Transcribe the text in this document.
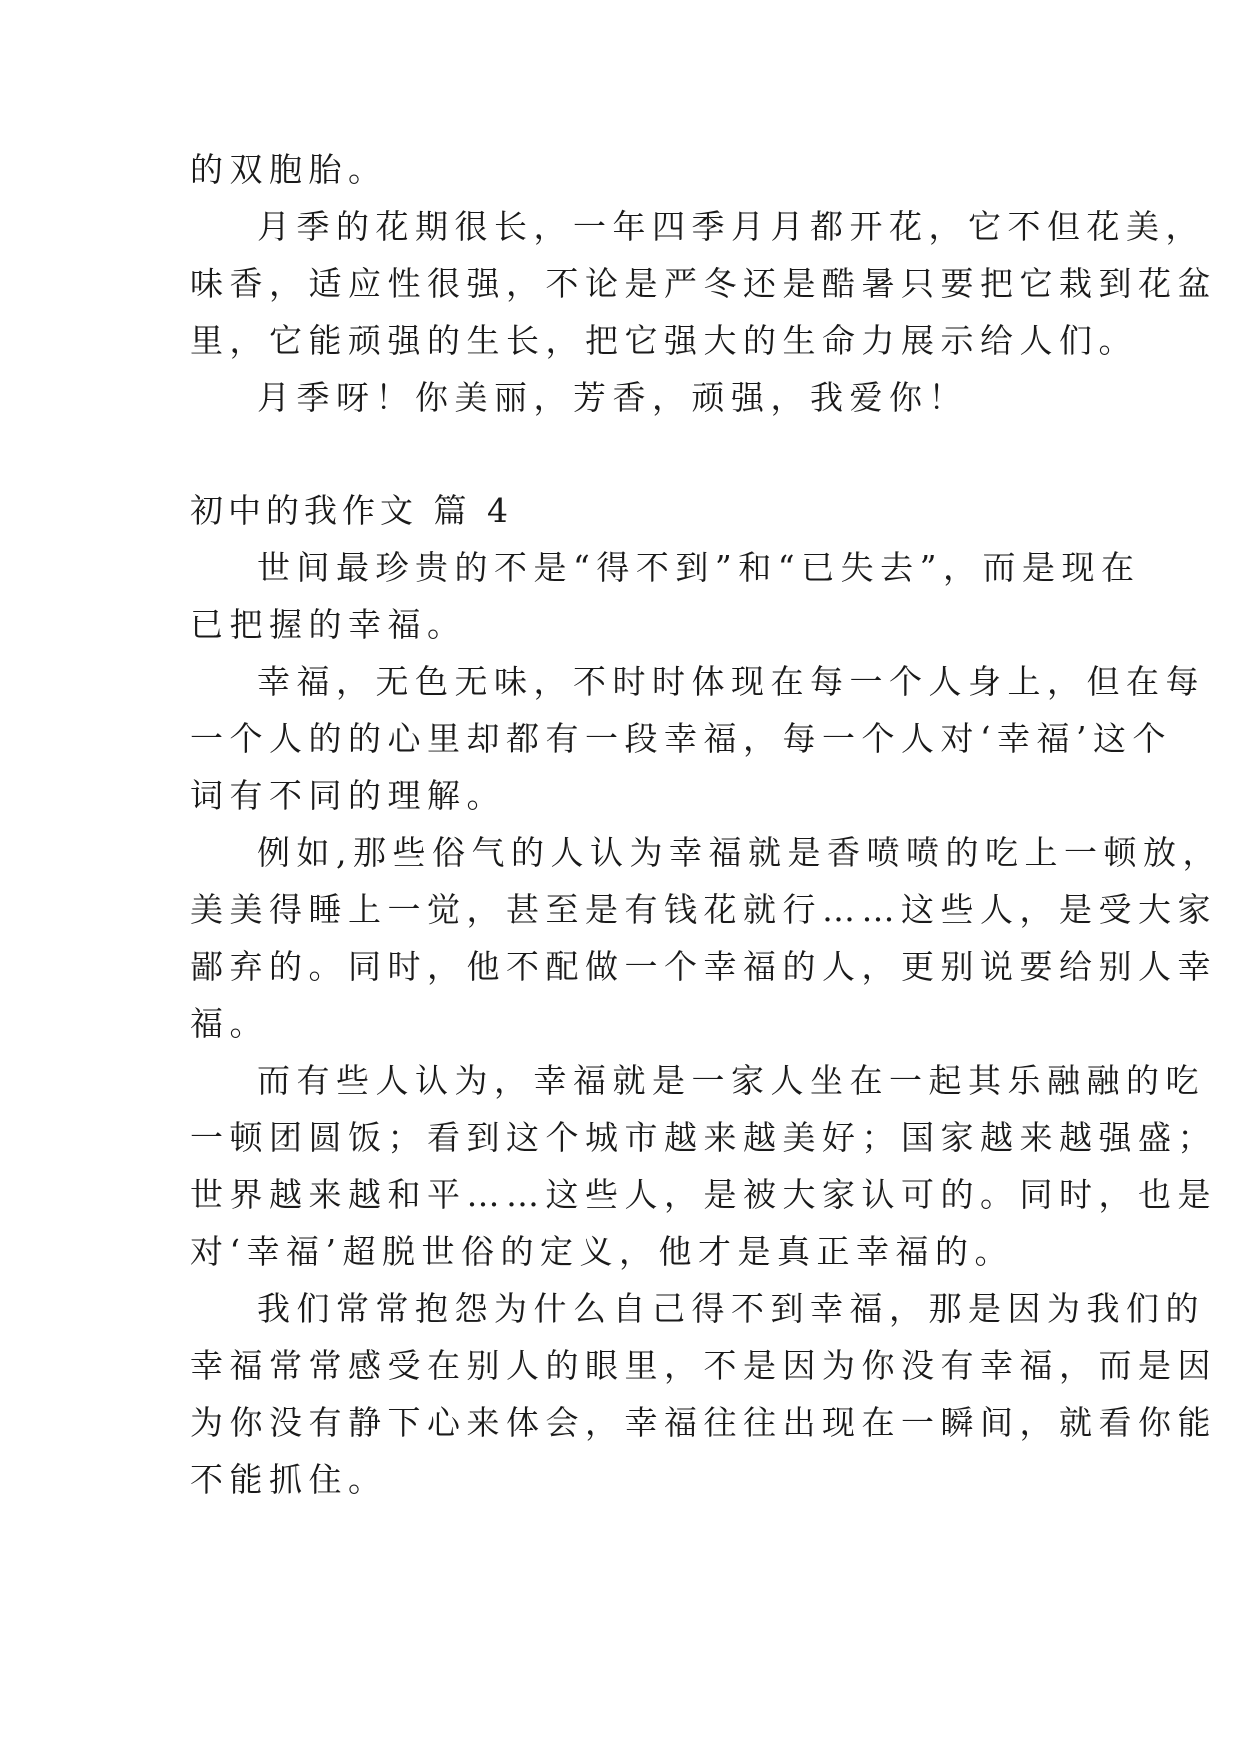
的双胞胎。

月季的花期很长，一年四季月月都开花，它不但花美，

味香，适应性很强，不论是严冬还是酷暑只要把它栽到花盆

里，它能顽强的生长，把它强大的生命力展示给人们。

月季呀！你美丽，芳香，顽强，我爱你！

初中的我作文 篇 4

世间最珍贵的不是“得不到”和“已失去”，而是现在

已把握的幸福。

幸福，无色无味，不时时体现在每一个人身上，但在每

一个人的的心里却都有一段幸福，每一个人对‘幸福’这个

词有不同的理解。

例如,那些俗气的人认为幸福就是香喷喷的吃上一顿放，

美美得睡上一觉，甚至是有钱花就行……这些人，是受大家

鄙弃的。同时，他不配做一个幸福的人，更别说要给别人幸

福。

而有些人认为，幸福就是一家人坐在一起其乐融融的吃

一顿团圆饭；看到这个城市越来越美好；国家越来越强盛；

世界越来越和平……这些人，是被大家认可的。同时，也是

对‘幸福’超脱世俗的定义，他才是真正幸福的。

我们常常抱怨为什么自己得不到幸福，那是因为我们的

幸福常常感受在别人的眼里，不是因为你没有幸福，而是因

为你没有静下心来体会，幸福往往出现在一瞬间，就看你能

不能抓住。
